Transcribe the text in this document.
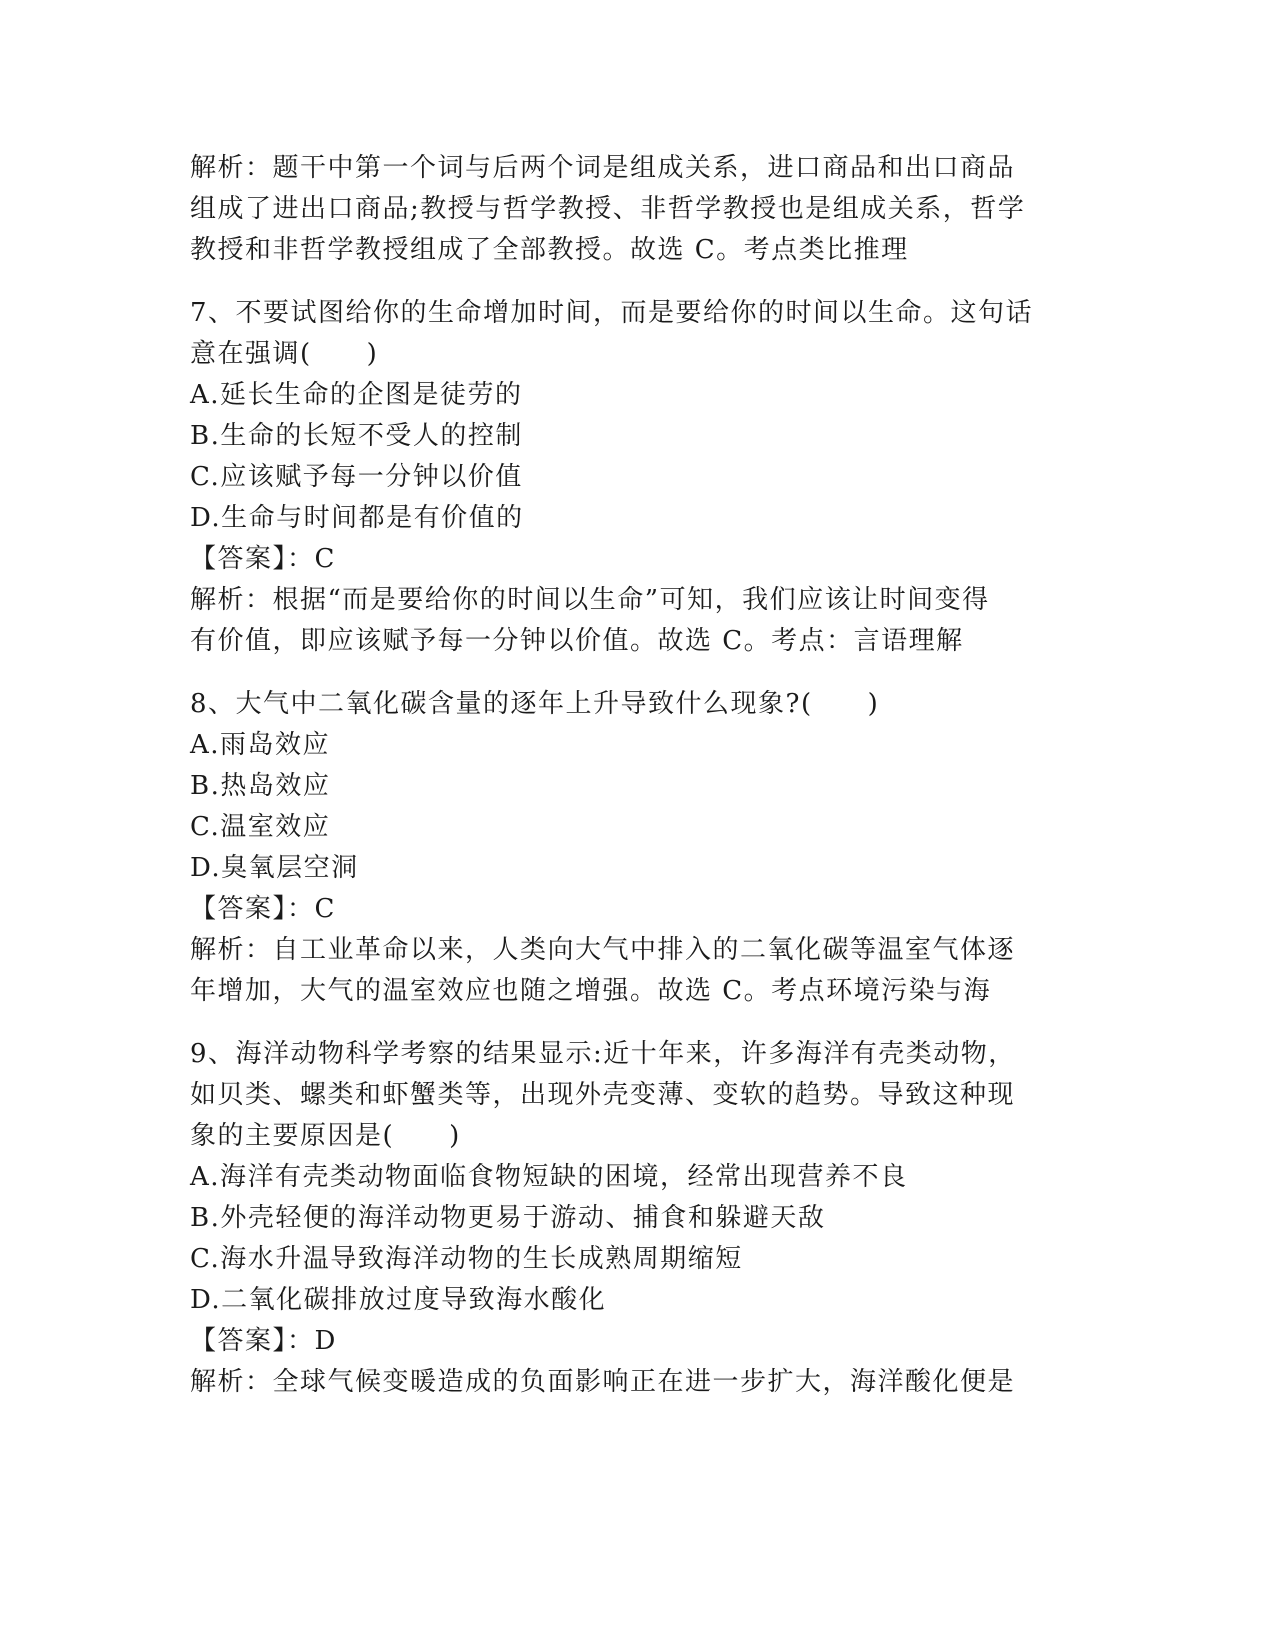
解析：题干中第一个词与后两个词是组成关系，进口商品和出口商品
组成了进出口商品;教授与哲学教授、非哲学教授也是组成关系，哲学
教授和非哲学教授组成了全部教授。故选 C。考点类比推理
7、不要试图给你的生命增加时间，而是要给你的时间以生命。这句话
意在强调(　　)
A.延长生命的企图是徒劳的
B.生命的长短不受人的控制
C.应该赋予每一分钟以价值
D.生命与时间都是有价值的
【答案】：C
解析：根据“而是要给你的时间以生命”可知，我们应该让时间变得
有价值，即应该赋予每一分钟以价值。故选 C。考点：言语理解
8、大气中二氧化碳含量的逐年上升导致什么现象?(　　)
A.雨岛效应
B.热岛效应
C.温室效应
D.臭氧层空洞
【答案】：C
解析：自工业革命以来，人类向大气中排入的二氧化碳等温室气体逐
年增加，大气的温室效应也随之增强。故选 C。考点环境污染与海
9、海洋动物科学考察的结果显示:近十年来，许多海洋有壳类动物，
如贝类、螺类和虾蟹类等，出现外壳变薄、变软的趋势。导致这种现
象的主要原因是(　　)
A.海洋有壳类动物面临食物短缺的困境，经常出现营养不良
B.外壳轻便的海洋动物更易于游动、捕食和躲避天敌
C.海水升温导致海洋动物的生长成熟周期缩短
D.二氧化碳排放过度导致海水酸化
【答案】：D
解析：全球气候变暖造成的负面影响正在进一步扩大，海洋酸化便是
